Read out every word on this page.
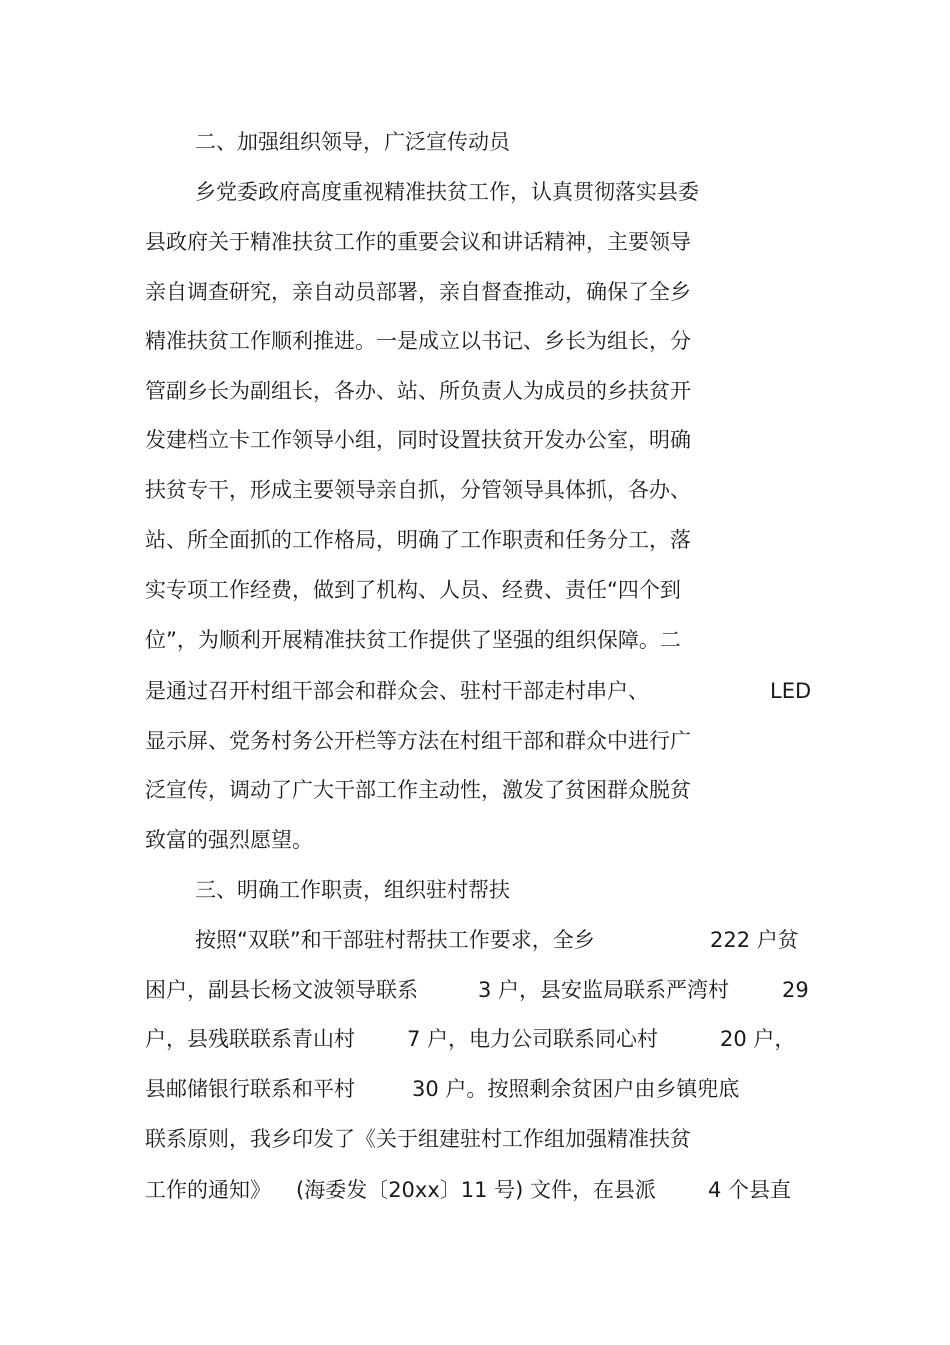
二、加强组织领导，广泛宣传动员
乡党委政府高度重视精准扶贫工作，认真贯彻落实县委
县政府关于精准扶贫工作的重要会议和讲话精神，主要领导
亲自调查研究，亲自动员部署，亲自督查推动，确保了全乡
精准扶贫工作顺利推进。一是成立以书记、乡长为组长，分
管副乡长为副组长，各办、站、所负责人为成员的乡扶贫开
发建档立卡工作领导小组，同时设置扶贫开发办公室，明确
扶贫专干，形成主要领导亲自抓，分管领导具体抓，各办、
站、所全面抓的工作格局，明确了工作职责和任务分工，落
实专项工作经费，做到了机构、人员、经费、责任“四个到
位”，为顺利开展精准扶贫工作提供了坚强的组织保障。二
是通过召开村组干部会和群众会、驻村干部走村串户、	LED
显示屏、党务村务公开栏等方法在村组干部和群众中进行广
泛宣传，调动了广大干部工作主动性，激发了贫困群众脱贫
致富的强烈愿望。
三、明确工作职责，组织驻村帮扶
按照“双联”和干部驻村帮扶工作要求，全乡	222 户贫
困户，副县长杨文波领导联系	3 户，县安监局联系严湾村	29
户，县残联联系青山村 7 户，电力公司联系同心村	20 户，
县邮储银行联系和平村	30 户。按照剩余贫困户由乡镇兜底
联系原则，我乡印发了《关于组建驻村工作组加强精准扶贫
工作的通知》 (海委发〔20xx〕11 号) 文件，在县派 4 个县直
